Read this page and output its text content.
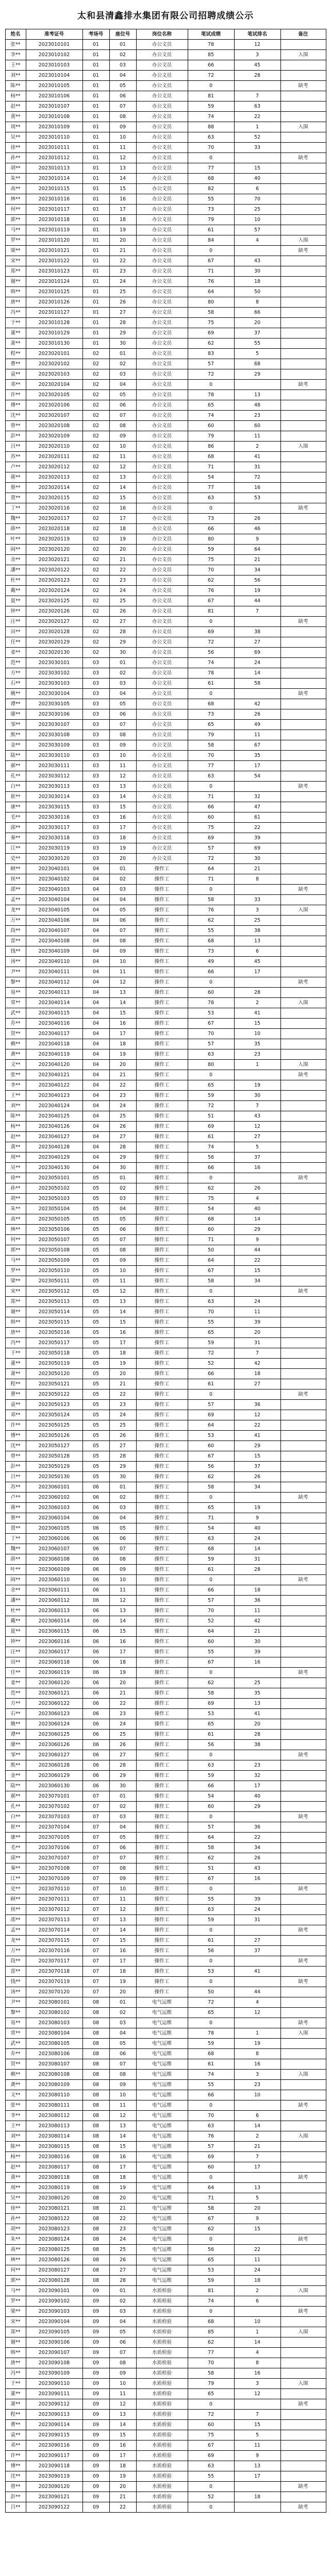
太和县清鑫排水集团有限公司招聘成绩公示
姓名	准考证号	考场号	座位号	岗位名称	笔试成绩	笔试排名	备注
张**	2023010101	01	01	办公文员	78	12	
李**	2023010102	01	02	办公文员	85	3	入围
王**	2023010103	01	03	办公文员	66	45	
刘**	2023010104	01	04	办公文员	72	28	
陈**	2023010105	01	05	办公文员	0		缺考
杨**	2023010106	01	06	办公文员	81	7	
赵**	2023010107	01	07	办公文员	59	63	
黄**	2023010108	01	08	办公文员	74	22	
周**	2023010109	01	09	办公文员	88	1	入围
吴**	2023010110	01	10	办公文员	63	52	
徐**	2023010111	01	11	办公文员	70	33	
孙**	2023010112	01	12	办公文员	0		缺考
胡**	2023010113	01	13	办公文员	77	15	
朱**	2023010114	01	14	办公文员	68	40	
高**	2023010115	01	15	办公文员	82	6	
林**	2023010116	01	16	办公文员	55	70	
何**	2023010117	01	17	办公文员	73	25	
郭**	2023010118	01	18	办公文员	79	10	
马**	2023010119	01	19	办公文员	61	57	
罗**	2023010120	01	20	办公文员	84	4	入围
梁**	2023010121	01	21	办公文员	0		缺考
宋**	2023010122	01	22	办公文员	67	43	
郑**	2023010123	01	23	办公文员	71	30	
谢**	2023010124	01	24	办公文员	76	18	
韩**	2023010125	01	25	办公文员	64	50	
唐**	2023010126	01	26	办公文员	80	8	
冯**	2023010127	01	27	办公文员	58	66	
于**	2023010128	01	28	办公文员	75	20	
董**	2023010129	01	29	办公文员	69	37	
萧**	2023010130	01	30	办公文员	62	55	
程**	2023020101	02	01	办公文员	83	5	
曹**	2023020102	02	02	办公文员	57	68	
袁**	2023020103	02	03	办公文员	72	29	
邓**	2023020104	02	04	办公文员	0		缺考
许**	2023020105	02	05	办公文员	78	13	
傅**	2023020106	02	06	办公文员	65	48	
沈**	2023020107	02	07	办公文员	74	23	
曾**	2023020108	02	08	办公文员	60	60	
彭**	2023020109	02	09	办公文员	79	11	
吕**	2023020110	02	10	办公文员	86	2	入围
苏**	2023020111	02	11	办公文员	68	41	
卢**	2023020112	02	12	办公文员	71	31	
蒋**	2023020113	02	13	办公文员	54	72	
蔡**	2023020114	02	14	办公文员	77	16	
贾**	2023020115	02	15	办公文员	63	53	
丁**	2023020116	02	16	办公文员	0		缺考
魏**	2023020117	02	17	办公文员	73	26	
薛**	2023020118	02	18	办公文员	66	46	
叶**	2023020119	02	19	办公文员	80	9	
阎**	2023020120	02	20	办公文员	59	64	
余**	2023020121	02	21	办公文员	75	21	
潘**	2023020122	02	22	办公文员	70	34	
杜**	2023020123	02	23	办公文员	62	56	
戴**	2023020124	02	24	办公文员	76	19	
夏**	2023020125	02	25	办公文员	67	44	
钟**	2023020126	02	26	办公文员	81	7	
汪**	2023020127	02	27	办公文员	0		缺考
田**	2023020128	02	28	办公文员	69	38	
任**	2023020129	02	29	办公文员	72	27	
姜**	2023020130	02	30	办公文员	56	69	
范**	2023030101	03	01	办公文员	74	24	
方**	2023030102	03	02	办公文员	78	14	
石**	2023030103	03	03	办公文员	61	58	
姚**	2023030104	03	04	办公文员	0		缺考
谭**	2023030105	03	05	办公文员	68	42	
廖**	2023030106	03	06	办公文员	73	26	
邹**	2023030107	03	07	办公文员	65	49	
熊**	2023030108	03	08	办公文员	79	11	
金**	2023030109	03	09	办公文员	58	67	
陆**	2023030110	03	10	办公文员	70	35	
郝**	2023030111	03	11	办公文员	77	17	
孔**	2023030112	03	12	办公文员	63	54	
白**	2023030113	03	13	办公文员	0		缺考
崔**	2023030114	03	14	办公文员	71	32	
康**	2023030115	03	15	办公文员	66	47	
毛**	2023030116	03	16	办公文员	60	61	
邱**	2023030117	03	17	办公文员	75	22	
秦**	2023030118	03	18	办公文员	69	39	
江**	2023030119	03	19	办公文员	57	69	
史**	2023030120	03	20	办公文员	72	30	
顾**	2023040101	04	01	操作工	64	21	
侯**	2023040102	04	02	操作工	71	8	
邵**	2023040103	04	03	操作工	0		缺考
孟**	2023040104	04	04	操作工	58	33	
龙**	2023040105	04	05	操作工	76	3	入围
万**	2023040106	04	06	操作工	62	25	
段**	2023040107	04	07	操作工	55	38	
雷**	2023040108	04	08	操作工	68	13	
钱**	2023040109	04	09	操作工	73	6	
汤**	2023040110	04	10	操作工	49	45	
尹**	2023040111	04	11	操作工	66	17	
黎**	2023040112	04	12	操作工	0		缺考
易**	2023040113	04	13	操作工	60	28	
常**	2023040114	04	14	操作工	78	2	入围
武**	2023040115	04	15	操作工	53	41	
乔**	2023040116	04	16	操作工	67	15	
贺**	2023040117	04	17	操作工	70	10	
赖**	2023040118	04	18	操作工	57	35	
龚**	2023040119	04	19	操作工	63	23	
文**	2023040120	04	20	操作工	80	1	入围
张**	2023040121	04	21	操作工	0		缺考
李**	2023040122	04	22	操作工	65	19	
王**	2023040123	04	23	操作工	59	30	
刘**	2023040124	04	24	操作工	72	7	
陈**	2023040125	04	25	操作工	51	43	
杨**	2023040126	04	26	操作工	69	12	
赵**	2023040127	04	27	操作工	61	27	
黄**	2023040128	04	28	操作工	74	5	
周**	2023040129	04	29	操作工	56	37	
吴**	2023040130	04	30	操作工	66	16	
徐**	2023050101	05	01	操作工	0		缺考
孙**	2023050102	05	02	操作工	62	26	
胡**	2023050103	05	03	操作工	75	4	
朱**	2023050104	05	04	操作工	54	40	
高**	2023050105	05	05	操作工	68	14	
林**	2023050106	05	06	操作工	60	29	
何**	2023050107	05	07	操作工	71	9	
郭**	2023050108	05	08	操作工	50	44	
马**	2023050109	05	09	操作工	64	22	
罗**	2023050110	05	10	操作工	67	15	
梁**	2023050111	05	11	操作工	58	34	
宋**	2023050112	05	12	操作工	0		缺考
郑**	2023050113	05	13	操作工	63	24	
谢**	2023050114	05	14	操作工	70	11	
韩**	2023050115	05	15	操作工	55	39	
唐**	2023050116	05	16	操作工	65	20	
冯**	2023050117	05	17	操作工	59	31	
于**	2023050118	05	18	操作工	72	7	
董**	2023050119	05	19	操作工	52	42	
萧**	2023050120	05	20	操作工	66	18	
程**	2023050121	05	21	操作工	61	27	
曹**	2023050122	05	22	操作工	0		缺考
袁**	2023050123	05	23	操作工	57	36	
邓**	2023050124	05	24	操作工	69	12	
许**	2023050125	05	25	操作工	64	22	
傅**	2023050126	05	26	操作工	53	41	
沈**	2023050127	05	27	操作工	60	29	
曾**	2023050128	05	28	操作工	67	15	
彭**	2023050129	05	29	操作工	56	37	
吕**	2023050130	05	30	操作工	62	26	
苏**	2023060101	06	01	操作工	58	34	
卢**	2023060102	06	02	操作工	0		缺考
蒋**	2023060103	06	03	操作工	65	19	
蔡**	2023060104	06	04	操作工	71	9	
贾**	2023060105	06	05	操作工	54	40	
丁**	2023060106	06	06	操作工	63	24	
魏**	2023060107	06	07	操作工	68	14	
薛**	2023060108	06	08	操作工	59	31	
叶**	2023060109	06	09	操作工	61	28	
阎**	2023060110	06	10	操作工	0		缺考
余**	2023060111	06	11	操作工	66	18	
潘**	2023060112	06	12	操作工	57	36	
杜**	2023060113	06	13	操作工	70	11	
戴**	2023060114	06	14	操作工	52	42	
夏**	2023060115	06	15	操作工	64	21	
钟**	2023060116	06	16	操作工	60	30	
汪**	2023060117	06	17	操作工	55	39	
田**	2023060118	06	18	操作工	67	16	
任**	2023060119	06	19	操作工	0		缺考
姜**	2023060120	06	20	操作工	62	25	
范**	2023060121	06	21	操作工	58	35	
方**	2023060122	06	22	操作工	69	13	
石**	2023060123	06	23	操作工	53	41	
姚**	2023060124	06	24	操作工	65	20	
谭**	2023060125	06	25	操作工	61	28	
廖**	2023060126	06	26	操作工	56	38	
邹**	2023060127	06	27	操作工	0		缺考
熊**	2023060128	06	28	操作工	63	23	
金**	2023060129	06	29	操作工	59	32	
陆**	2023060130	06	30	操作工	66	17	
郝**	2023070101	07	01	操作工	54	40	
孔**	2023070102	07	02	操作工	60	29	
白**	2023070103	07	03	操作工	0		缺考
崔**	2023070104	07	04	操作工	57	36	
康**	2023070105	07	05	操作工	64	22	
毛**	2023070106	07	06	操作工	58	34	
邱**	2023070107	07	07	操作工	62	26	
秦**	2023070108	07	08	操作工	51	43	
江**	2023070109	07	09	操作工	67	16	
史**	2023070110	07	10	操作工	0		缺考
顾**	2023070111	07	11	操作工	55	39	
侯**	2023070112	07	12	操作工	63	24	
邵**	2023070113	07	13	操作工	59	31	
孟**	2023070114	07	14	操作工	0		缺考
龙**	2023070115	07	15	操作工	61	27	
万**	2023070116	07	16	操作工	56	37	
段**	2023070117	07	17	操作工	0		缺考
雷**	2023070118	07	18	操作工	53	41	
钱**	2023070119	07	19	操作工	0		缺考
汤**	2023070120	07	20	操作工	50	44	
尹**	2023080101	08	01	电气运维	72	4	
黎**	2023080102	08	02	电气运维	65	12	
易**	2023080103	08	03	电气运维	0		缺考
常**	2023080104	08	04	电气运维	78	1	入围
武**	2023080105	08	05	电气运维	59	19	
乔**	2023080106	08	06	电气运维	68	8	
贺**	2023080107	08	07	电气运维	61	16	
赖**	2023080108	08	08	电气运维	74	3	入围
龚**	2023080109	08	09	电气运维	55	23	
文**	2023080110	08	10	电气运维	66	10	
张**	2023080111	08	11	电气运维	0		缺考
李**	2023080112	08	12	电气运维	70	6	
王**	2023080113	08	13	电气运维	63	14	
刘**	2023080114	08	14	电气运维	76	2	入围
陈**	2023080115	08	15	电气运维	57	21	
杨**	2023080116	08	16	电气运维	69	7	
赵**	2023080117	08	17	电气运维	60	17	
黄**	2023080118	08	18	电气运维	0		缺考
周**	2023080119	08	19	电气运维	64	13	
吴**	2023080120	08	20	电气运维	71	5	
徐**	2023080121	08	21	电气运维	58	20	
孙**	2023080122	08	22	电气运维	67	9	
胡**	2023080123	08	23	电气运维	62	15	
朱**	2023080124	08	24	电气运维	0		缺考
高**	2023080125	08	25	电气运维	56	22	
林**	2023080126	08	26	电气运维	65	11	
何**	2023080127	08	27	电气运维	53	24	
郭**	2023080128	08	28	电气运维	59	18	
马**	2023090101	09	01	水质检验	81	2	入围
罗**	2023090102	09	02	水质检验	74	6	
梁**	2023090103	09	03	水质检验	0		缺考
宋**	2023090104	09	04	水质检验	68	10	
郑**	2023090105	09	05	水质检验	85	1	入围
谢**	2023090106	09	06	水质检验	62	14	
韩**	2023090107	09	07	水质检验	77	4	
唐**	2023090108	09	08	水质检验	70	8	
冯**	2023090109	09	09	水质检验	58	16	
于**	2023090110	09	10	水质检验	79	3	入围
董**	2023090111	09	11	水质检验	65	12	
萧**	2023090112	09	12	水质检验	0		缺考
程**	2023090113	09	13	水质检验	72	7	
曹**	2023090114	09	14	水质检验	60	15	
袁**	2023090115	09	15	水质检验	75	5	
邓**	2023090116	09	16	水质检验	67	11	
许**	2023090117	09	17	水质检验	69	9	
傅**	2023090118	09	18	水质检验	63	13	
沈**	2023090119	09	19	水质检验	55	17	
曾**	2023090120	09	20	水质检验	0		缺考
彭**	2023090121	09	21	水质检验	52	18	
吕**	2023090122	09	22	水质检验	0		缺考
